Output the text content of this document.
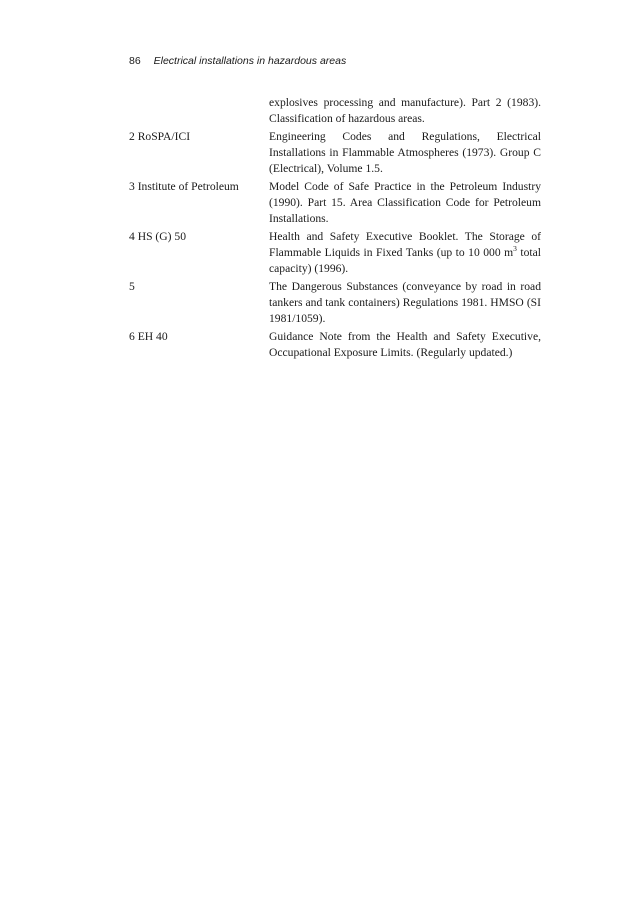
86 Electrical installations in hazardous areas
explosives processing and manufacture). Part 2 (1983). Classification of hazardous areas.
2 RoSPA/ICI	Engineering Codes and Regulations, Electrical Installations in Flammable Atmospheres (1973). Group C (Electrical), Volume 1.5.
3 Institute of Petroleum	Model Code of Safe Practice in the Petroleum Industry (1990). Part 15. Area Classification Code for Petroleum Installations.
4 HS (G) 50	Health and Safety Executive Booklet. The Storage of Flammable Liquids in Fixed Tanks (up to 10 000 $m^3$ total capacity) (1996).
5	The Dangerous Substances (conveyance by road in road tankers and tank containers) Regulations 1981. HMSO (SI 1981/1059).
6 EH 40	Guidance Note from the Health and Safety Executive, Occupational Exposure Limits. (Regularly updated.)
